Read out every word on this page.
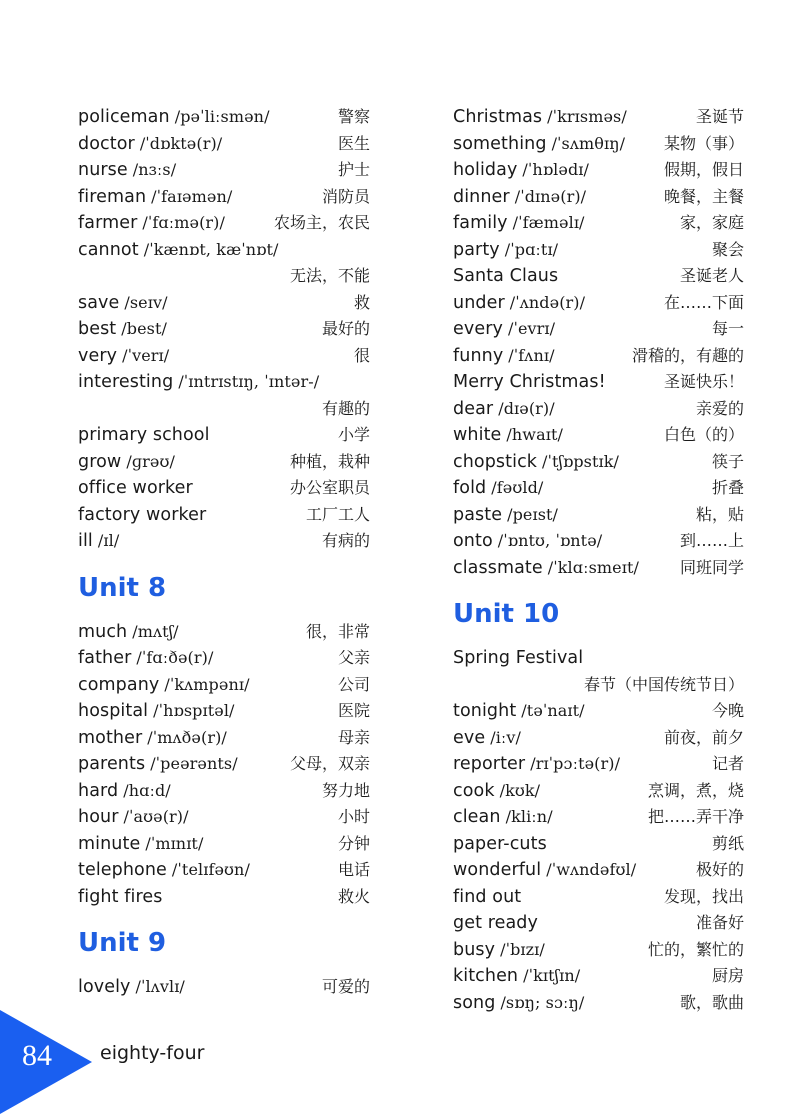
policeman /pəˈliːsmən/	警察
doctor /ˈdɒktə(r)/	医生
nurse /nɜːs/	护士
fireman /ˈfaɪəmən/	消防员
farmer /ˈfɑːmə(r)/	农场主，农民
cannot /ˈkænɒt, kæˈnɒt/
无法，不能
save /seɪv/	救
best /best/	最好的
very /ˈverɪ/	很
interesting /ˈɪntrɪstɪŋ, ˈɪntər-/
有趣的
primary school	小学
grow /ɡrəʊ/	种植，栽种
office worker	办公室职员
factory worker	工厂工人
ill /ɪl/	有病的
Unit 8
much /mʌtʃ/	很，非常
father /ˈfɑːðə(r)/	父亲
company /ˈkʌmpənɪ/	公司
hospital /ˈhɒspɪtəl/	医院
mother /ˈmʌðə(r)/	母亲
parents /ˈpeərənts/	父母，双亲
hard /hɑːd/	努力地
hour /ˈaʊə(r)/	小时
minute /ˈmɪnɪt/	分钟
telephone /ˈtelɪfəʊn/	电话
fight fires	救火
Unit 9
lovely /ˈlʌvlɪ/	可爱的
Christmas /ˈkrɪsməs/	圣诞节
something /ˈsʌmθɪŋ/ 某物（事）
holiday /ˈhɒlədɪ/	假期，假日
dinner /ˈdɪnə(r)/	晚餐，主餐
family /ˈfæməlɪ/	家，家庭
party /ˈpɑːtɪ/	聚会
Santa Claus	圣诞老人
under /ˈʌndə(r)/	在……下面
every /ˈevrɪ/	每一
funny /ˈfʌnɪ/	滑稽的，有趣的
Merry Christmas!	圣诞快乐！
dear /dɪə(r)/	亲爱的
white /hwaɪt/	白色（的）
chopstick /ˈtʃɒpstɪk/	筷子
fold /fəʊld/	折叠
paste /peɪst/	粘，贴
onto /ˈɒntʊ, ˈɒntə/	到……上
classmate /ˈklɑːsmeɪt/	同班同学
Unit 10
Spring Festival
春节（中国传统节日）
tonight /təˈnaɪt/	今晚
eve /iːv/	前夜，前夕
reporter /rɪˈpɔːtə(r)/	记者
cook /kʊk/	烹调，煮，烧
clean /kliːn/	把……弄干净
paper-cuts	剪纸
wonderful /ˈwʌndəfʊl/	极好的
find out	发现，找出
get ready	准备好
busy /ˈbɪzɪ/	忙的，繁忙的
kitchen /ˈkɪtʃɪn/	厨房
song /sɒŋ; sɔːŋ/	歌，歌曲
84	eighty-four
